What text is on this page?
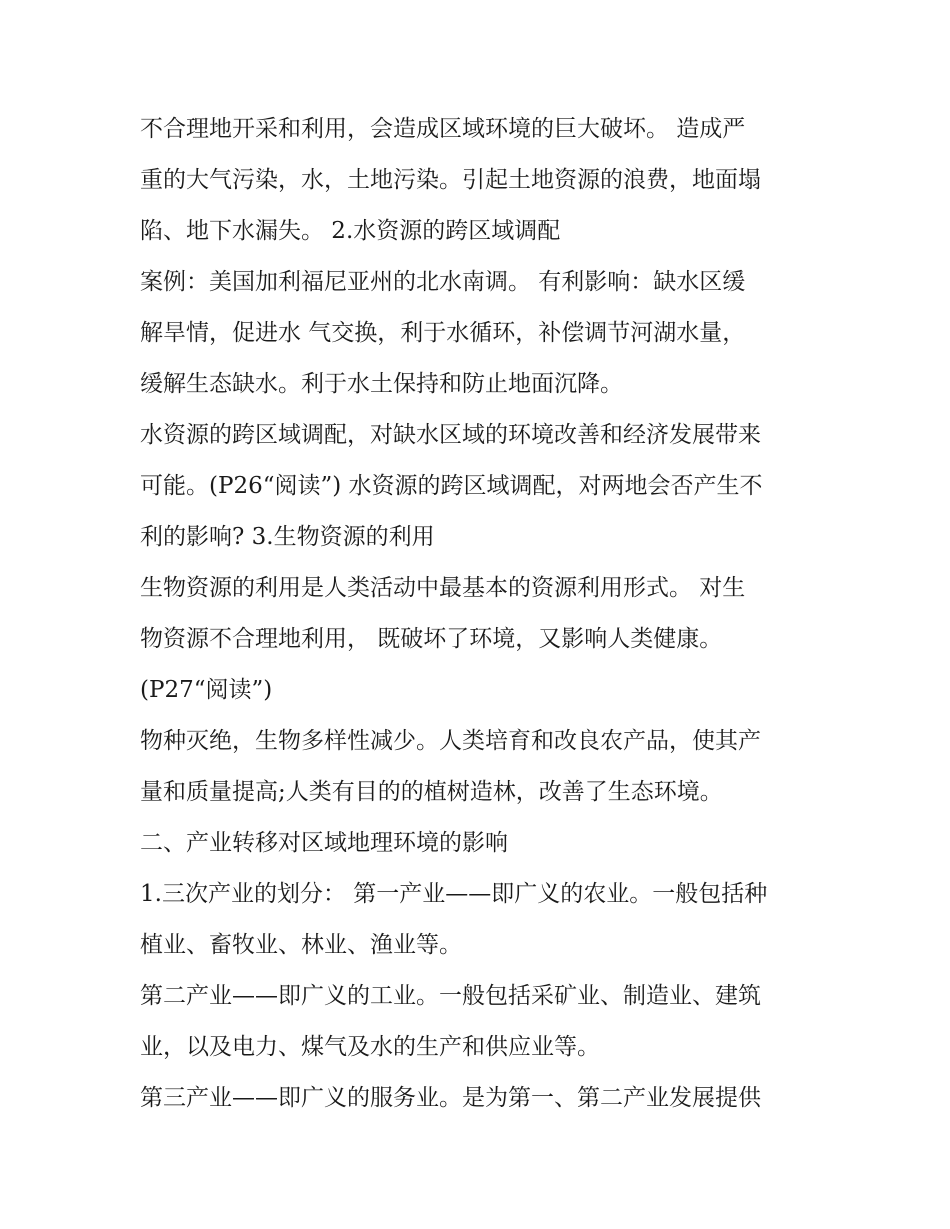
不合理地开采和利用，会造成区域环境的巨大破坏。 造成严
重的大气污染，水，土地污染。引起土地资源的浪费，地面塌
陷、地下水漏失。 2.水资源的跨区域调配
案例：美国加利福尼亚州的北水南调。 有利影响：缺水区缓
解旱情，促进水 气交换，利于水循环，补偿调节河湖水量，
缓解生态缺水。利于水土保持和防止地面沉降。
水资源的跨区域调配，对缺水区域的环境改善和经济发展带来
可能。(P26“阅读”) 水资源的跨区域调配，对两地会否产生不
利的影响? 3.生物资源的利用
生物资源的利用是人类活动中最基本的资源利用形式。 对生
物资源不合理地利用， 既破坏了环境，又影响人类健康。
(P27“阅读”)
物种灭绝，生物多样性减少。人类培育和改良农产品，使其产
量和质量提高;人类有目的的植树造林，改善了生态环境。
二、产业转移对区域地理环境的影响
1.三次产业的划分： 第一产业——即广义的农业。一般包括种
植业、畜牧业、林业、渔业等。
第二产业——即广义的工业。一般包括采矿业、制造业、建筑
业，以及电力、煤气及水的生产和供应业等。
第三产业——即广义的服务业。是为第一、第二产业发展提供
